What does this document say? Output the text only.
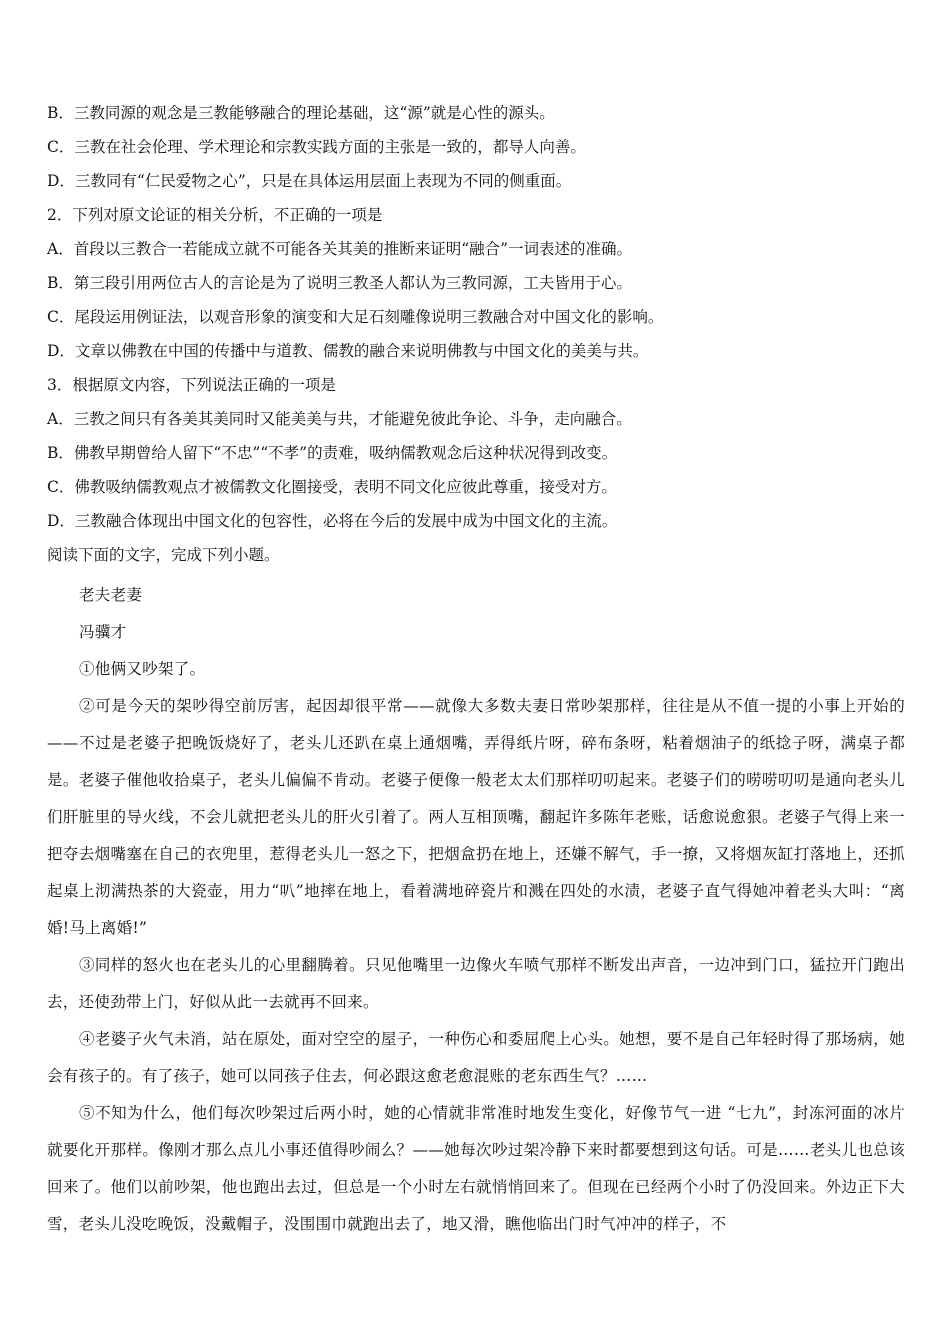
B．三教同源的观念是三教能够融合的理论基础，这“源”就是心性的源头。
C．三教在社会伦理、学术理论和宗教实践方面的主张是一致的，都导人向善。
D．三教同有“仁民爱物之心”，只是在具体运用层面上表现为不同的侧重面。
2．下列对原文论证的相关分析，不正确的一项是
A．首段以三教合一若能成立就不可能各关其美的推断来证明“融合”一词表述的准确。
B．第三段引用两位古人的言论是为了说明三教圣人都认为三教同源，工夫皆用于心。
C．尾段运用例证法，以观音形象的演变和大足石刻雕像说明三教融合对中国文化的影响。
D．文章以佛教在中国的传播中与道教、儒教的融合来说明佛教与中国文化的美美与共。
3．根据原文内容，下列说法正确的一项是
A．三教之间只有各美其美同时又能美美与共，才能避免彼此争论、斗争，走向融合。
B．佛教早期曾给人留下“不忠”“不孝”的责难，吸纳儒教观念后这种状况得到改变。
C．佛教吸纳儒教观点才被儒教文化圈接受，表明不同文化应彼此尊重，接受对方。
D．三教融合体现出中国文化的包容性，必将在今后的发展中成为中国文化的主流。
阅读下面的文字，完成下列小题。

老夫老妻

冯骥才

①他俩又吵架了。

②可是今天的架吵得空前厉害，起因却很平常——就像大多数夫妻日常吵架那样，往往是从不值一提的小事上开始的——不过是老婆子把晚饭烧好了，老头儿还趴在桌上通烟嘴，弄得纸片呀，碎布条呀，粘着烟油子的纸捻子呀，满桌子都是。老婆子催他收拾桌子，老头儿偏偏不肯动。老婆子便像一般老太太们那样叨叨起来。老婆子们的唠唠叨叨是通向老头儿们肝脏里的导火线，不会儿就把老头儿的肝火引着了。两人互相顶嘴，翻起许多陈年老账，话愈说愈狠。老婆子气得上来一把夺去烟嘴塞在自己的衣兜里，惹得老头儿一怒之下，把烟盒扔在地上，还嫌不解气，手一撩，又将烟灰缸打落地上，还抓起桌上沏满热茶的大瓷壶，用力“叭”地摔在地上，看着满地碎瓷片和溅在四处的水渍，老婆子直气得她冲着老头大叫：“离婚!马上离婚!”

③同样的怒火也在老头儿的心里翻腾着。只见他嘴里一边像火车喷气那样不断发出声音，一边冲到门口，猛拉开门跑出去，还使劲带上门，好似从此一去就再不回来。

④老婆子火气未消，站在原处，面对空空的屋子，一种伤心和委屈爬上心头。她想，要不是自己年轻时得了那场病，她会有孩子的。有了孩子，她可以同孩子住去，何必跟这愈老愈混账的老东西生气？……

⑤不知为什么，他们每次吵架过后两小时，她的心情就非常准时地发生变化，好像节气一进 “七九”，封冻河面的冰片就要化开那样。像刚才那么点儿小事还值得吵闹么？——她每次吵过架冷静下来时都要想到这句话。可是……老头儿也总该回来了。他们以前吵架，他也跑出去过，但总是一个小时左右就悄悄回来了。但现在已经两个小时了仍没回来。外边正下大雪，老头儿没吃晚饭，没戴帽子，没围围巾就跑出去了，地又滑，瞧他临出门时气冲冲的样子，不
